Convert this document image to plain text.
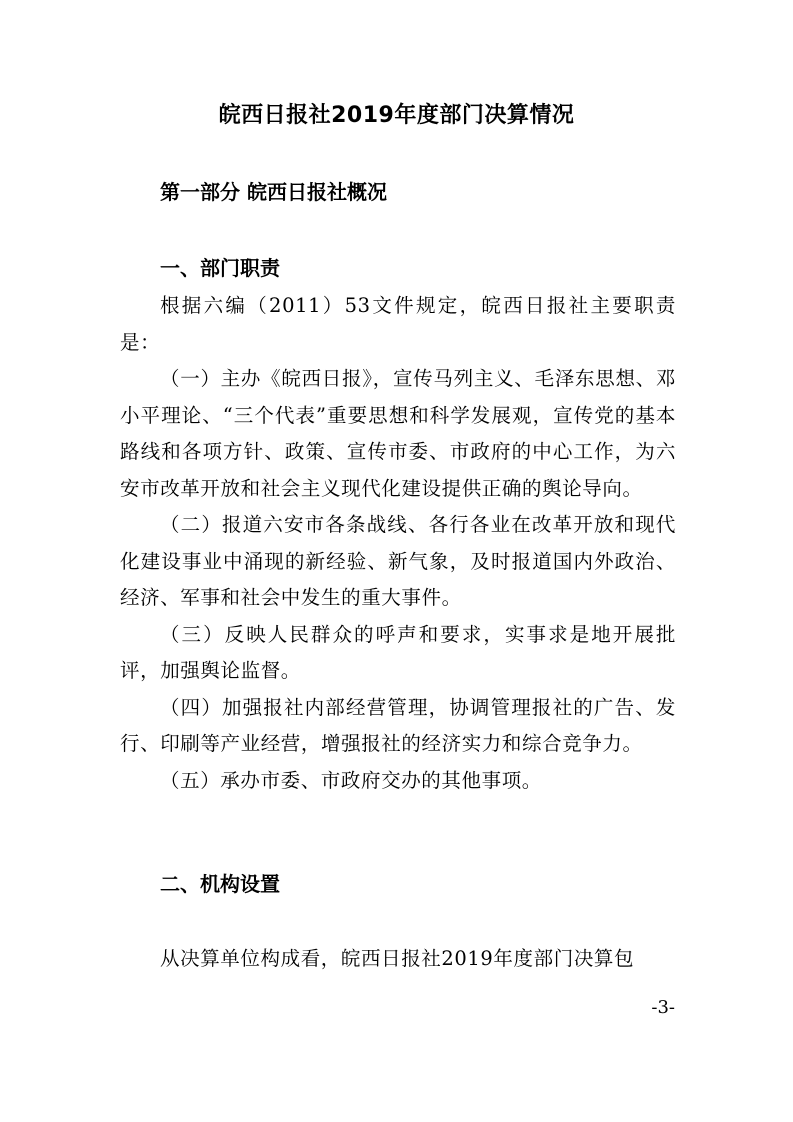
皖西日报社2019年度部门决算情况
第一部分 皖西日报社概况
一、部门职责

根据六编（2011）53文件规定，皖西日报社主要职责是：

（一）主办《皖西日报》，宣传马列主义、毛泽东思想、邓小平理论、“三个代表”重要思想和科学发展观，宣传党的基本路线和各项方针、政策、宣传市委、市政府的中心工作，为六安市改革开放和社会主义现代化建设提供正确的舆论导向。

（二）报道六安市各条战线、各行各业在改革开放和现代化建设事业中涌现的新经验、新气象，及时报道国内外政治、经济、军事和社会中发生的重大事件。

（三）反映人民群众的呼声和要求，实事求是地开展批评，加强舆论监督。

（四）加强报社内部经营管理，协调管理报社的广告、发行、印刷等产业经营，增强报社的经济实力和综合竞争力。

（五）承办市委、市政府交办的其他事项。

二、机构设置

从决算单位构成看，皖西日报社2019年度部门决算包

-3-
